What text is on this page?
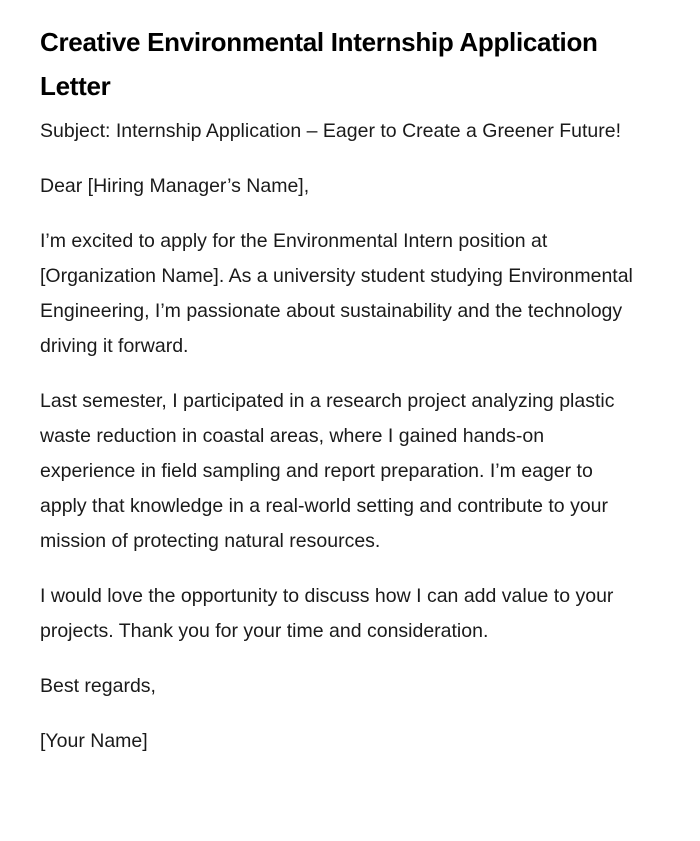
Creative Environmental Internship Application Letter

Subject: Internship Application – Eager to Create a Greener Future!

Dear [Hiring Manager’s Name],

I’m excited to apply for the Environmental Intern position at [Organization Name]. As a university student studying Environmental Engineering, I’m passionate about sustainability and the technology driving it forward.

Last semester, I participated in a research project analyzing plastic waste reduction in coastal areas, where I gained hands-on experience in field sampling and report preparation. I’m eager to apply that knowledge in a real-world setting and contribute to your mission of protecting natural resources.

I would love the opportunity to discuss how I can add value to your projects. Thank you for your time and consideration.

Best regards,

[Your Name]
